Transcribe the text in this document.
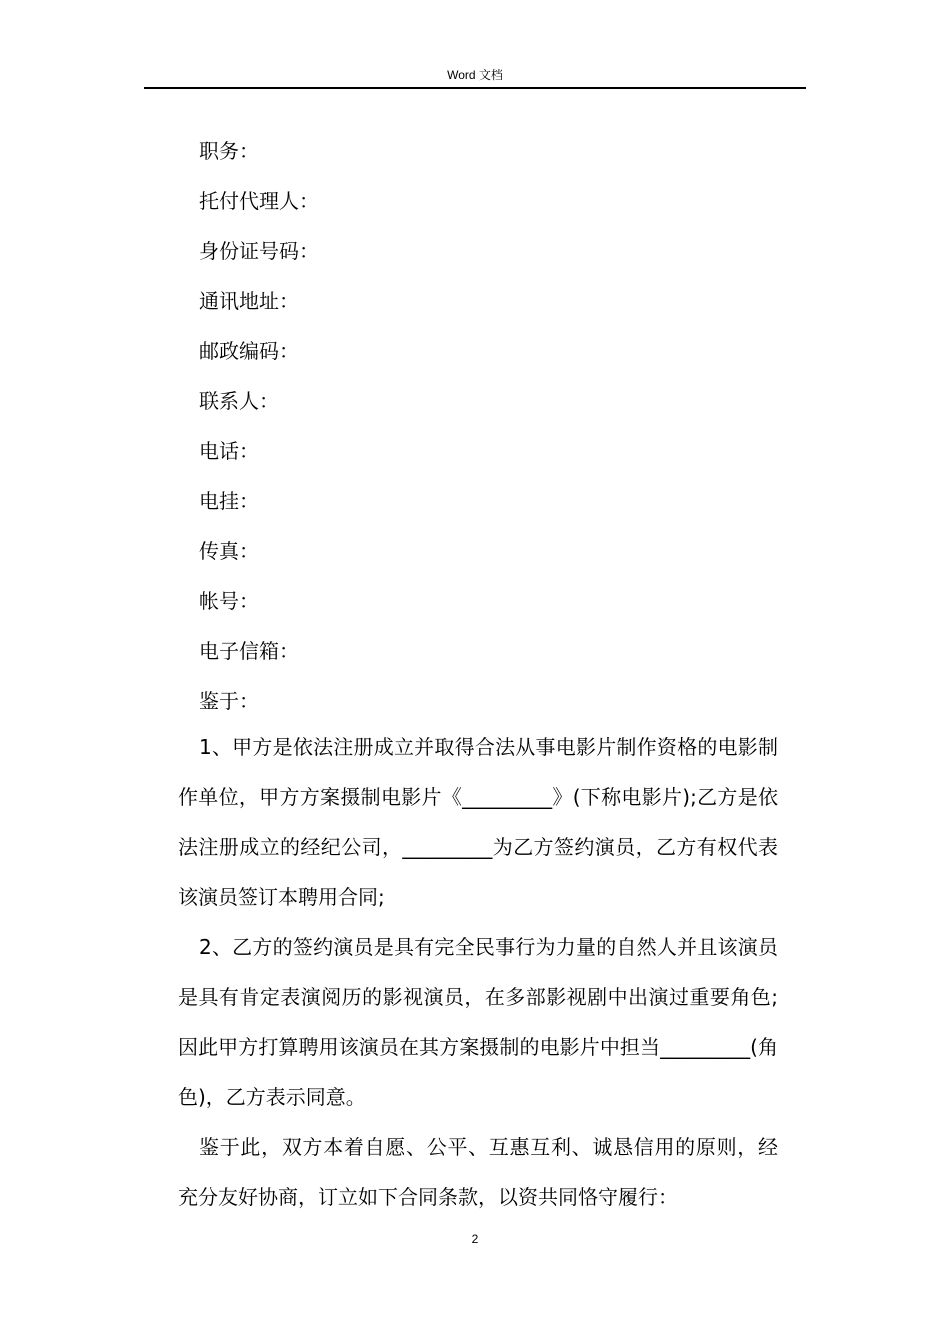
Word 文档
职务：
托付代理人：
身份证号码：
通讯地址：
邮政编码：
联系人：
电话：
电挂：
传真：
帐号：
电子信箱：
鉴于：

1、甲方是依法注册成立并取得合法从事电影片制作资格的电影制作单位，甲方方案摄制电影片《_________》(下称电影片);乙方是依法注册成立的经纪公司，_________为乙方签约演员，乙方有权代表该演员签订本聘用合同;

2、乙方的签约演员是具有完全民事行为力量的自然人并且该演员是具有肯定表演阅历的影视演员，在多部影视剧中出演过重要角色;因此甲方打算聘用该演员在其方案摄制的电影片中担当_________(角色)，乙方表示同意。

鉴于此，双方本着自愿、公平、互惠互利、诚恳信用的原则，经充分友好协商，订立如下合同条款，以资共同恪守履行：

2
